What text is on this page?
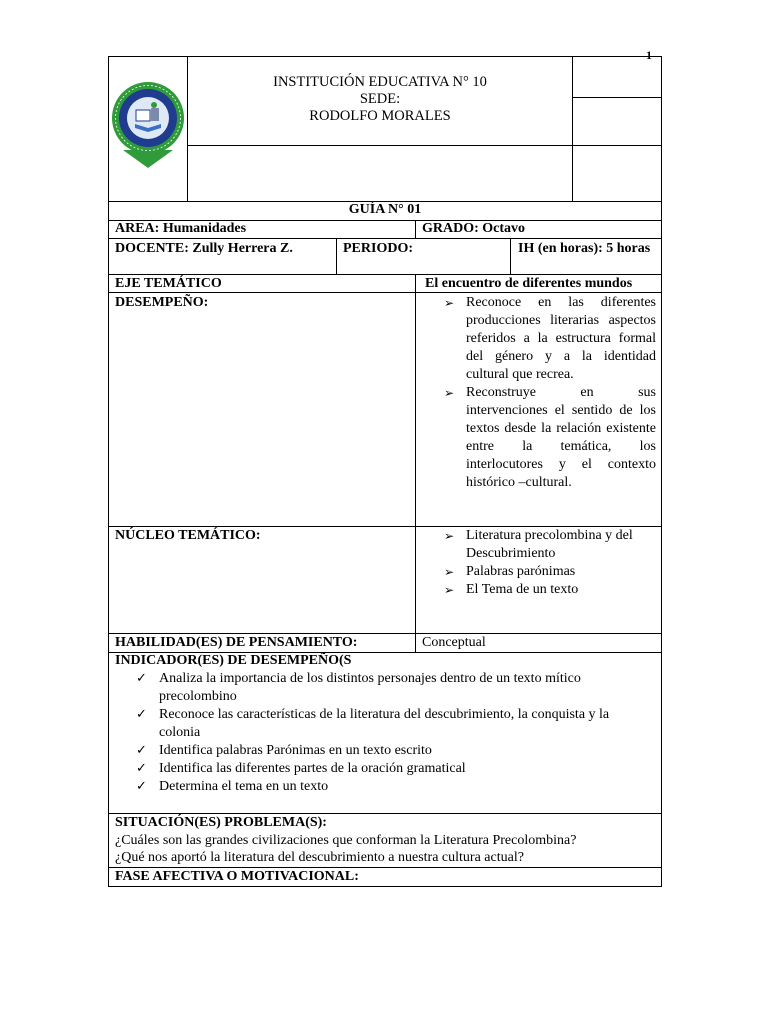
1
INSTITUCIÓN EDUCATIVA N° 10
SEDE:
RODOLFO MORALES
GUÍA N° 01
AREA: Humanidades	GRADO: Octavo
DOCENTE: Zully Herrera Z.	PERIODO:	IH (en horas): 5 horas
EJE TEMÁTICO	El encuentro de diferentes mundos
DESEMPEÑO:	➢ Reconoce en las diferentes producciones literarias aspectos referidos a la estructura formal del género y a la identidad cultural que recrea.
➢ Reconstruye en sus intervenciones el sentido de los textos desde la relación existente entre la temática, los interlocutores y el contexto histórico –cultural.
NÚCLEO TEMÁTICO:	➢ Literatura precolombina y del Descubrimiento
➢ Palabras parónimas
➢ El Tema de un texto
HABILIDAD(ES) DE PENSAMIENTO:	Conceptual
INDICADOR(ES) DE DESEMPEÑO(S
✓ Analiza la importancia de los distintos personajes dentro de un texto mítico precolombino
✓ Reconoce las características de la literatura del descubrimiento, la conquista y la colonia
✓ Identifica palabras Parónimas en un texto escrito
✓ Identifica las diferentes partes de la oración gramatical
✓ Determina el tema en un texto
SITUACIÓN(ES) PROBLEMA(S):
¿Cuáles son las grandes civilizaciones que conforman la Literatura Precolombina?
¿Qué nos aportó la literatura del descubrimiento a nuestra cultura actual?
FASE AFECTIVA O MOTIVACIONAL:
